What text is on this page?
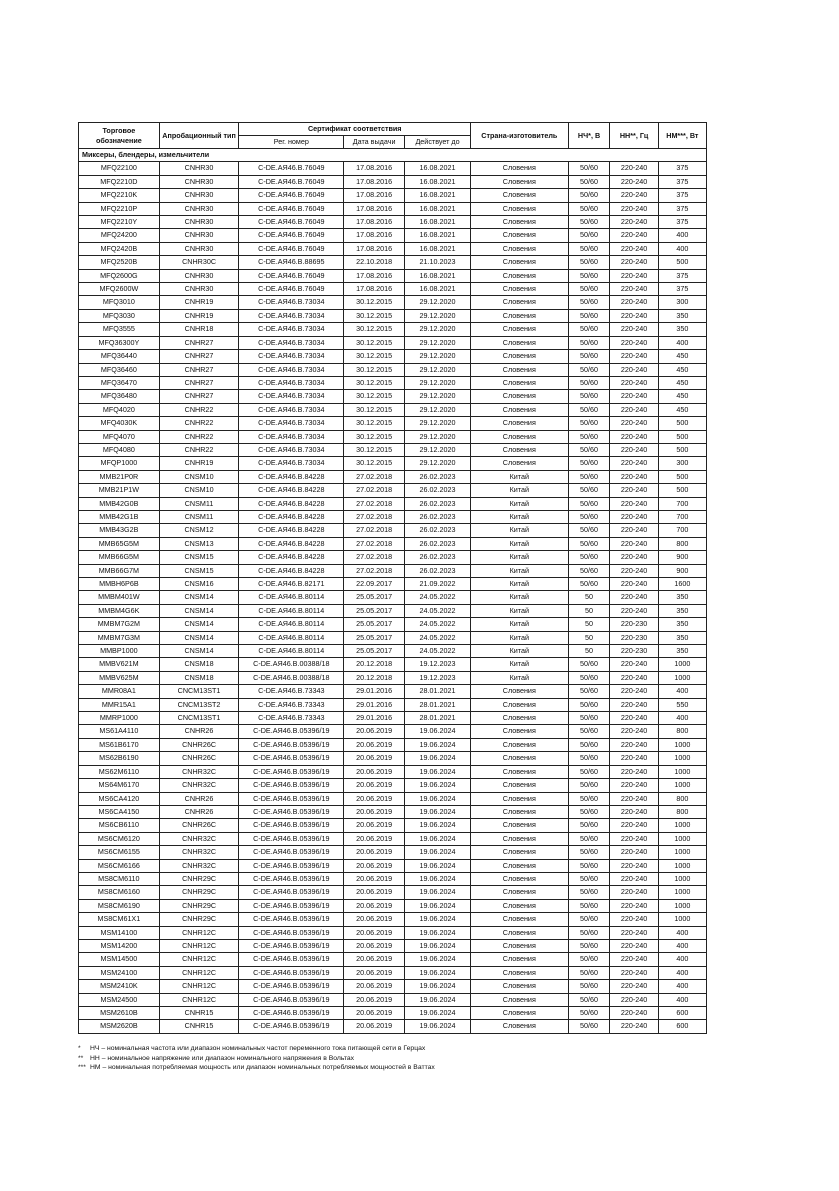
Торговое обозначение	Апробационный тип	Сертификат соответствия			Страна-изготовитель	НЧ*, В	НН**, Гц	НМ***, Вт
		Рег. номер	Дата выдачи	Действует до				
Миксеры, блендеры, измельчители								
MFQ22100	CNHR30	C-DE.АЯ46.В.76049	17.08.2016	16.08.2021	Словения	50/60	220-240	375
MFQ2210D	CNHR30	C-DE.АЯ46.В.76049	17.08.2016	16.08.2021	Словения	50/60	220-240	375
MFQ2210K	CNHR30	C-DE.АЯ46.В.76049	17.08.2016	16.08.2021	Словения	50/60	220-240	375
MFQ2210P	CNHR30	C-DE.АЯ46.В.76049	17.08.2016	16.08.2021	Словения	50/60	220-240	375
MFQ2210Y	CNHR30	C-DE.АЯ46.В.76049	17.08.2016	16.08.2021	Словения	50/60	220-240	375
MFQ24200	CNHR30	C-DE.АЯ46.В.76049	17.08.2016	16.08.2021	Словения	50/60	220-240	400
MFQ2420B	CNHR30	C-DE.АЯ46.В.76049	17.08.2016	16.08.2021	Словения	50/60	220-240	400
MFQ2520B	CNHR30C	C-DE.АЯ46.В.88695	22.10.2018	21.10.2023	Словения	50/60	220-240	500
MFQ2600G	CNHR30	C-DE.АЯ46.В.76049	17.08.2016	16.08.2021	Словения	50/60	220-240	375
MFQ2600W	CNHR30	C-DE.АЯ46.В.76049	17.08.2016	16.08.2021	Словения	50/60	220-240	375
MFQ3010	CNHR19	C-DE.АЯ46.В.73034	30.12.2015	29.12.2020	Словения	50/60	220-240	300
MFQ3030	CNHR19	C-DE.АЯ46.В.73034	30.12.2015	29.12.2020	Словения	50/60	220-240	350
MFQ3555	CNHR18	C-DE.АЯ46.В.73034	30.12.2015	29.12.2020	Словения	50/60	220-240	350
MFQ36300Y	CNHR27	C-DE.АЯ46.В.73034	30.12.2015	29.12.2020	Словения	50/60	220-240	400
MFQ36440	CNHR27	C-DE.АЯ46.В.73034	30.12.2015	29.12.2020	Словения	50/60	220-240	450
MFQ36460	CNHR27	C-DE.АЯ46.В.73034	30.12.2015	29.12.2020	Словения	50/60	220-240	450
MFQ36470	CNHR27	C-DE.АЯ46.В.73034	30.12.2015	29.12.2020	Словения	50/60	220-240	450
MFQ36480	CNHR27	C-DE.АЯ46.В.73034	30.12.2015	29.12.2020	Словения	50/60	220-240	450
MFQ4020	CNHR22	C-DE.АЯ46.В.73034	30.12.2015	29.12.2020	Словения	50/60	220-240	450
MFQ4030K	CNHR22	C-DE.АЯ46.В.73034	30.12.2015	29.12.2020	Словения	50/60	220-240	500
MFQ4070	CNHR22	C-DE.АЯ46.В.73034	30.12.2015	29.12.2020	Словения	50/60	220-240	500
MFQ4080	CNHR22	C-DE.АЯ46.В.73034	30.12.2015	29.12.2020	Словения	50/60	220-240	500
MFQP1000	CNHR19	C-DE.АЯ46.В.73034	30.12.2015	29.12.2020	Словения	50/60	220-240	300
MMB21P0R	CNSM10	C-DE.АЯ46.В.84228	27.02.2018	26.02.2023	Китай	50/60	220-240	500
MMB21P1W	CNSM10	C-DE.АЯ46.В.84228	27.02.2018	26.02.2023	Китай	50/60	220-240	500
MMB42G0B	CNSM11	C-DE.АЯ46.В.84228	27.02.2018	26.02.2023	Китай	50/60	220-240	700
MMB42G1B	CNSM11	C-DE.АЯ46.В.84228	27.02.2018	26.02.2023	Китай	50/60	220-240	700
MMB43G2B	CNSM12	C-DE.АЯ46.В.84228	27.02.2018	26.02.2023	Китай	50/60	220-240	700
MMB65G5M	CNSM13	C-DE.АЯ46.В.84228	27.02.2018	26.02.2023	Китай	50/60	220-240	800
MMB66G5M	CNSM15	C-DE.АЯ46.В.84228	27.02.2018	26.02.2023	Китай	50/60	220-240	900
MMB66G7M	CNSM15	C-DE.АЯ46.В.84228	27.02.2018	26.02.2023	Китай	50/60	220-240	900
MMBH6P6B	CNSM16	C-DE.АЯ46.В.82171	22.09.2017	21.09.2022	Китай	50/60	220-240	1600
MMBM401W	CNSM14	C-DE.АЯ46.В.80114	25.05.2017	24.05.2022	Китай	50	220-240	350
MMBM4G6K	CNSM14	C-DE.АЯ46.В.80114	25.05.2017	24.05.2022	Китай	50	220-240	350
MMBM7G2M	CNSM14	C-DE.АЯ46.В.80114	25.05.2017	24.05.2022	Китай	50	220-230	350
MMBM7G3M	CNSM14	C-DE.АЯ46.В.80114	25.05.2017	24.05.2022	Китай	50	220-230	350
MMBP1000	CNSM14	C-DE.АЯ46.В.80114	25.05.2017	24.05.2022	Китай	50	220-230	350
MMBV621M	CNSM18	C-DE.АЯ46.В.00388/18	20.12.2018	19.12.2023	Китай	50/60	220-240	1000
MMBV625M	CNSM18	C-DE.АЯ46.В.00388/18	20.12.2018	19.12.2023	Китай	50/60	220-240	1000
MMR08A1	CNCM13ST1	C-DE.АЯ46.В.73343	29.01.2016	28.01.2021	Словения	50/60	220-240	400
MMR15A1	CNCM13ST2	C-DE.АЯ46.В.73343	29.01.2016	28.01.2021	Словения	50/60	220-240	550
MMRP1000	CNCM13ST1	C-DE.АЯ46.В.73343	29.01.2016	28.01.2021	Словения	50/60	220-240	400
MS61A4110	CNHR26	C-DE.АЯ46.В.05396/19	20.06.2019	19.06.2024	Словения	50/60	220-240	800
MS61B6170	CNHR26C	C-DE.АЯ46.В.05396/19	20.06.2019	19.06.2024	Словения	50/60	220-240	1000
MS62B6190	CNHR26C	C-DE.АЯ46.В.05396/19	20.06.2019	19.06.2024	Словения	50/60	220-240	1000
MS62M6110	CNHR32C	C-DE.АЯ46.В.05396/19	20.06.2019	19.06.2024	Словения	50/60	220-240	1000
MS64M6170	CNHR32C	C-DE.АЯ46.В.05396/19	20.06.2019	19.06.2024	Словения	50/60	220-240	1000
MS6CA4120	CNHR26	C-DE.АЯ46.В.05396/19	20.06.2019	19.06.2024	Словения	50/60	220-240	800
MS6CA4150	CNHR26	C-DE.АЯ46.В.05396/19	20.06.2019	19.06.2024	Словения	50/60	220-240	800
MS6CB6110	CNHR26C	C-DE.АЯ46.В.05396/19	20.06.2019	19.06.2024	Словения	50/60	220-240	1000
MS6CM6120	CNHR32C	C-DE.АЯ46.В.05396/19	20.06.2019	19.06.2024	Словения	50/60	220-240	1000
MS6CM6155	CNHR32C	C-DE.АЯ46.В.05396/19	20.06.2019	19.06.2024	Словения	50/60	220-240	1000
MS6CM6166	CNHR32C	C-DE.АЯ46.В.05396/19	20.06.2019	19.06.2024	Словения	50/60	220-240	1000
MS8CM6110	CNHR29C	C-DE.АЯ46.В.05396/19	20.06.2019	19.06.2024	Словения	50/60	220-240	1000
MS8CM6160	CNHR29C	C-DE.АЯ46.В.05396/19	20.06.2019	19.06.2024	Словения	50/60	220-240	1000
MS8CM6190	CNHR29C	C-DE.АЯ46.В.05396/19	20.06.2019	19.06.2024	Словения	50/60	220-240	1000
MS8CM61X1	CNHR29C	C-DE.АЯ46.В.05396/19	20.06.2019	19.06.2024	Словения	50/60	220-240	1000
MSM14100	CNHR12C	C-DE.АЯ46.В.05396/19	20.06.2019	19.06.2024	Словения	50/60	220-240	400
MSM14200	CNHR12C	C-DE.АЯ46.В.05396/19	20.06.2019	19.06.2024	Словения	50/60	220-240	400
MSM14500	CNHR12C	C-DE.АЯ46.В.05396/19	20.06.2019	19.06.2024	Словения	50/60	220-240	400
MSM24100	CNHR12C	C-DE.АЯ46.В.05396/19	20.06.2019	19.06.2024	Словения	50/60	220-240	400
MSM2410K	CNHR12C	C-DE.АЯ46.В.05396/19	20.06.2019	19.06.2024	Словения	50/60	220-240	400
MSM24500	CNHR12C	C-DE.АЯ46.В.05396/19	20.06.2019	19.06.2024	Словения	50/60	220-240	400
MSM2610B	CNHR15	C-DE.АЯ46.В.05396/19	20.06.2019	19.06.2024	Словения	50/60	220-240	600
MSM2620B	CNHR15	C-DE.АЯ46.В.05396/19	20.06.2019	19.06.2024	Словения	50/60	220-240	600
*	НЧ – номинальная частота или диапазон номинальных частот переменного тока питающей сети в Герцах
** НН – номинальное напряжение или диапазон номинального напряжения в Вольтах
*** НМ – номинальная потребляемая мощность или диапазон номинальных потребляемых мощностей в Ваттах
